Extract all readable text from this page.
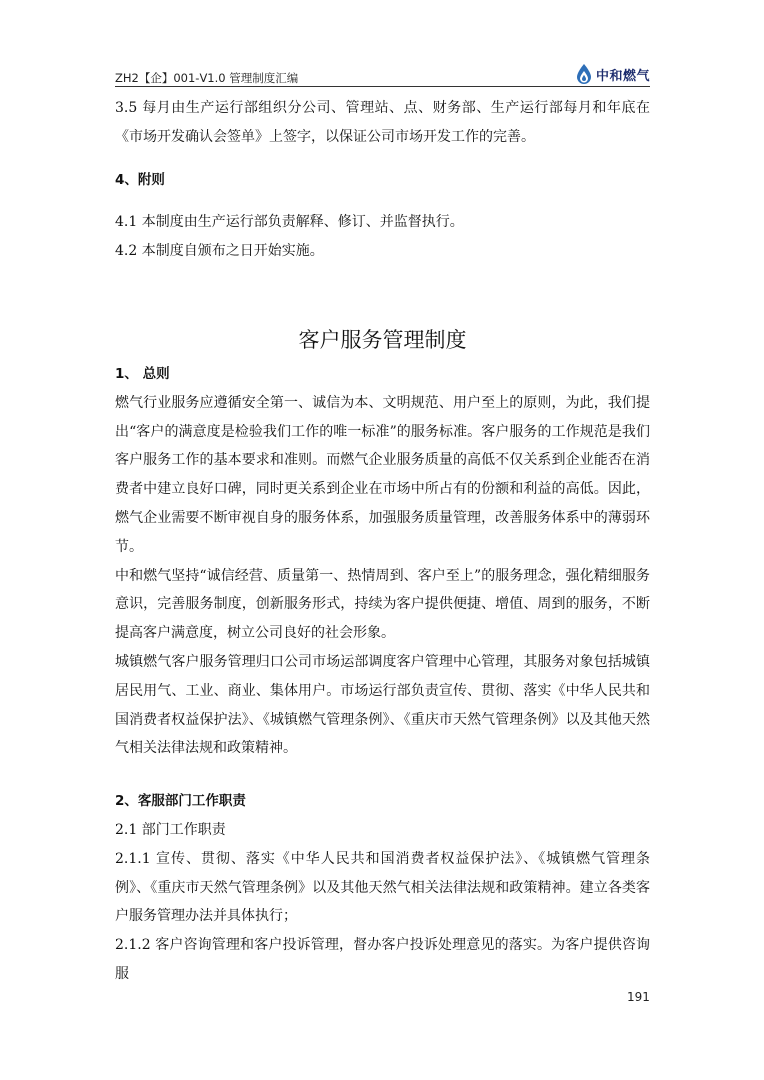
ZH2【企】001-V1.0 管理制度汇编	中和燃气

3.5 每月由生产运行部组织分公司、管理站、点、财务部、生产运行部每月和年底在《市场开发确认会签单》上签字，以保证公司市场开发工作的完善。

4、附则

4.1 本制度由生产运行部负责解释、修订、并监督执行。

4.2 本制度自颁布之日开始实施。

客户服务管理制度

1、 总则

燃气行业服务应遵循安全第一、诚信为本、文明规范、用户至上的原则，为此，我们提出“客户的满意度是检验我们工作的唯一标准”的服务标准。客户服务的工作规范是我们客户服务工作的基本要求和准则。而燃气企业服务质量的高低不仅关系到企业能否在消费者中建立良好口碑，同时更关系到企业在市场中所占有的份额和利益的高低。因此，燃气企业需要不断审视自身的服务体系，加强服务质量管理，改善服务体系中的薄弱环节。

中和燃气坚持“诚信经营、质量第一、热情周到、客户至上”的服务理念，强化精细服务意识，完善服务制度，创新服务形式，持续为客户提供便捷、增值、周到的服务，不断提高客户满意度，树立公司良好的社会形象。

城镇燃气客户服务管理归口公司市场运部调度客户管理中心管理，其服务对象包括城镇居民用气、工业、商业、集体用户。市场运行部负责宣传、贯彻、落实《中华人民共和国消费者权益保护法》、《城镇燃气管理条例》、《重庆市天然气管理条例》以及其他天然气相关法律法规和政策精神。

2、客服部门工作职责

2.1 部门工作职责

2.1.1 宣传、贯彻、落实《中华人民共和国消费者权益保护法》、《城镇燃气管理条例》、《重庆市天然气管理条例》以及其他天然气相关法律法规和政策精神。建立各类客户服务管理办法并具体执行；

2.1.2 客户咨询管理和客户投诉管理，督办客户投诉处理意见的落实。为客户提供咨询服

191
